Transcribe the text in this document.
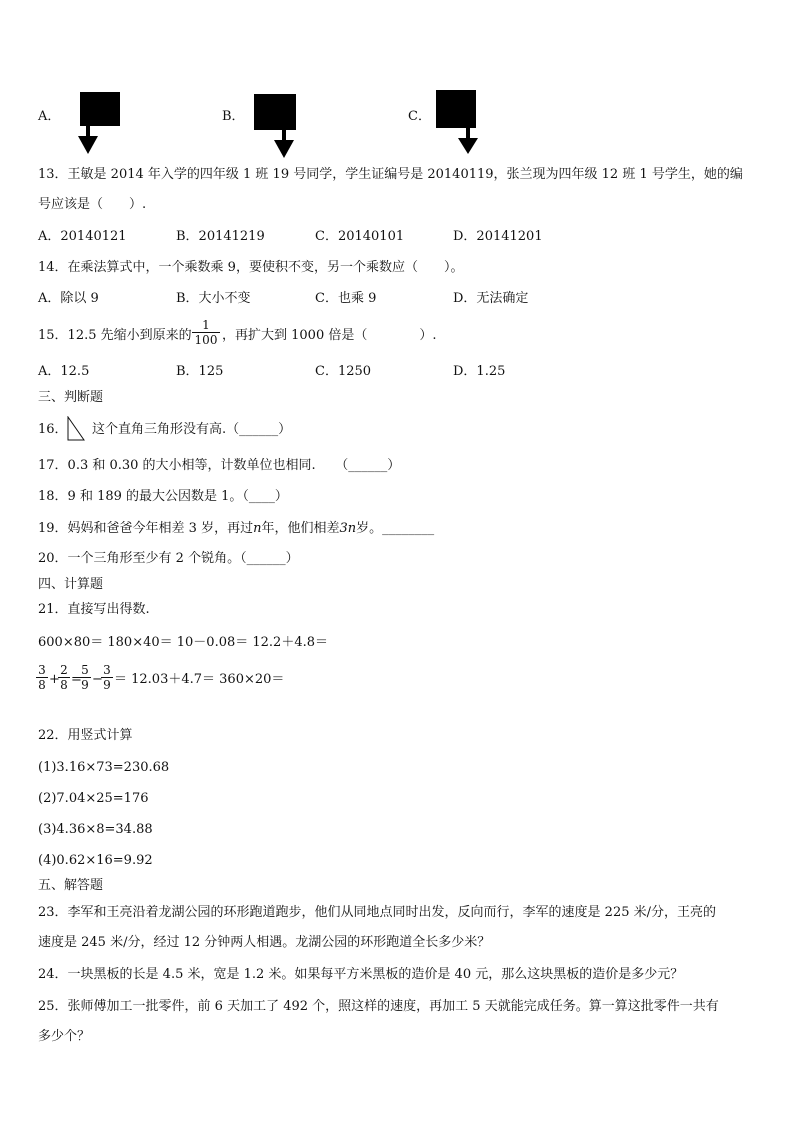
A．	B．	C．
13．王敏是 2014 年入学的四年级 1 班 19 号同学，学生证编号是 20140119，张兰现为四年级 12 班 1 号学生，她的编
号应该是（　　）.
A．20140121	B．20141219	C．20140101	D．20141201
14．在乘法算式中，一个乘数乘 9，要使积不变，另一个乘数应（　　）。
A．除以 9	B．大小不变	C．也乘 9	D．无法确定
15．12.5 先缩小到原来的 $\frac{1}{100}$ ，再扩大到 1000 倍是（　　　　）.
A．12.5	B．125	C．1250	D．1.25
三、判断题
16． 这个直角三角形没有高.（______）
17．0.3 和 0.30 的大小相等，计数单位也相同.　　（______）
18．9 和 189 的最大公因数是 1。（____）
19．妈妈和爸爸今年相差 3 岁，再过n年，他们相差3n岁。________
20．一个三角形至少有 2 个锐角。（______）
四、计算题
21．直接写出得数.
600×80＝ 180×40＝ 10－0.08＝ 12.2＋4.8＝
$\frac{3}{8}$ +
$\frac{2}{8}$ =
$\frac{5}{9}$ −
$\frac{3}{9} = 12.03+4.7= 360\times 20=$
22．用竖式计算
(1)3.16×73=230.68
(2)7.04×25=176
(3)4.36×8=34.88
(4)0.62×16=9.92
五、解答题
23．李军和王亮沿着龙湖公园的环形跑道跑步，他们从同地点同时出发，反向而行，李军的速度是 225 米/分，王亮的
速度是 245 米/分，经过 12 分钟两人相遇。龙湖公园的环形跑道全长多少米？
24．一块黑板的长是 4.5 米，宽是 1.2 米。如果每平方米黑板的造价是 40 元，那么这块黑板的造价是多少元？
25．张师傅加工一批零件，前 6 天加工了 492 个，照这样的速度，再加工 5 天就能完成任务。算一算这批零件一共有
多少个？
